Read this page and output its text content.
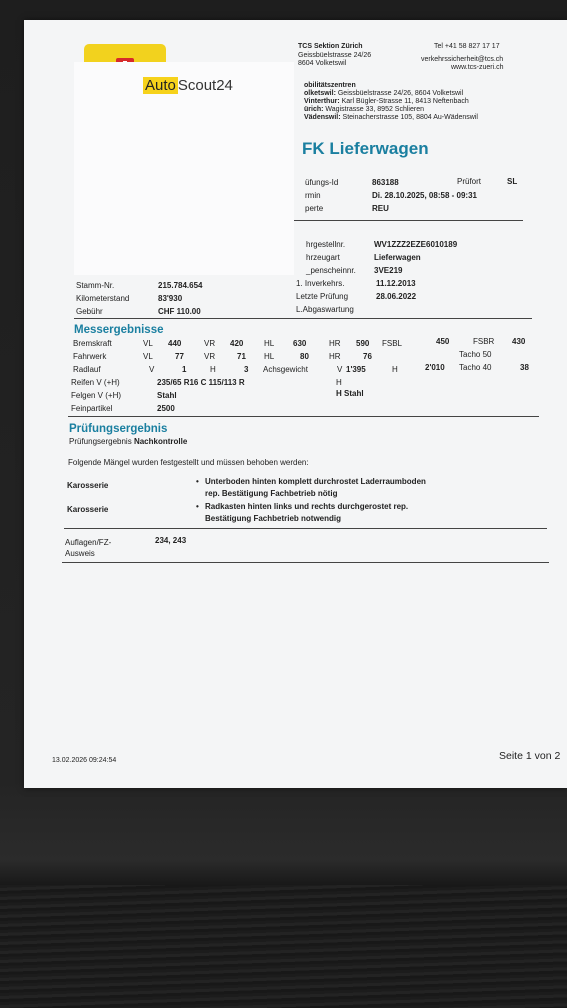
TCS Sektion Zürich
Geissbüelstrasse 24/26
8604 Volketswil
Tel +41 58 827 17 17
verkehrssicherheit@tcs.ch
www.tcs-zueri.ch
obilitätszentren
olketswil: Geissbüelstrasse 24/26, 8604 Volketswil
Vinterthur: Karl Bügler-Strasse 11, 8413 Neftenbach
ürich: Wagistrasse 33, 8952 Schlieren
Vädenswil: Steinacherstrasse 105, 8804 Au-Wädenswil
FK Lieferwagen
üfungs-Id	863188	Prüfort	SL
rmin	Di. 28.10.2025, 08:58 - 09:31
perte	REU
hrgestellnr.	WV1ZZZ2EZE6010189
hrzeugart	Lieferwagen
_penscheinnr. 3VE219
Stamm-Nr.	215.784.654
Kilometerstand	83'930
Gebühr	CHF 110.00
1. Inverkehrs.	11.12.2013
Letzte Prüfung	28.06.2022
L.Abgaswartung
Messergebnisse
Bremskraft	VL 440	VR 420	HL 630	HR 590 FSBL	450	FSBR 430
Fahrwerk	VL	77	VR	71 HL	80	HR	76	Tacho 50
Radlauf	V	1	H	3 Achsgewicht	V 1'395	H	2'010 Tacho 40	38
Reifen V (+H)	235/65 R16 C 115/113 R	H
Felgen V (+H)	Stahl	H Stahl
Feinpartikel	2500
Prüfungsergebnis
Prüfungsergebnis Nachkontrolle
Folgende Mängel wurden festgestellt und müssen behoben werden:
Karosserie	• Unterboden hinten komplett durchrostet Laderraumboden
rep. Bestätigung Fachbetrieb nötig
Karosserie	• Radkasten hinten links und rechts durchgerostet rep.
Bestätigung Fachbetrieb notwendig
Auflagen/FZ-
Ausweis
234, 243
13.02.2026 09:24:54	Seite 1 von 2
Auto Scout24
